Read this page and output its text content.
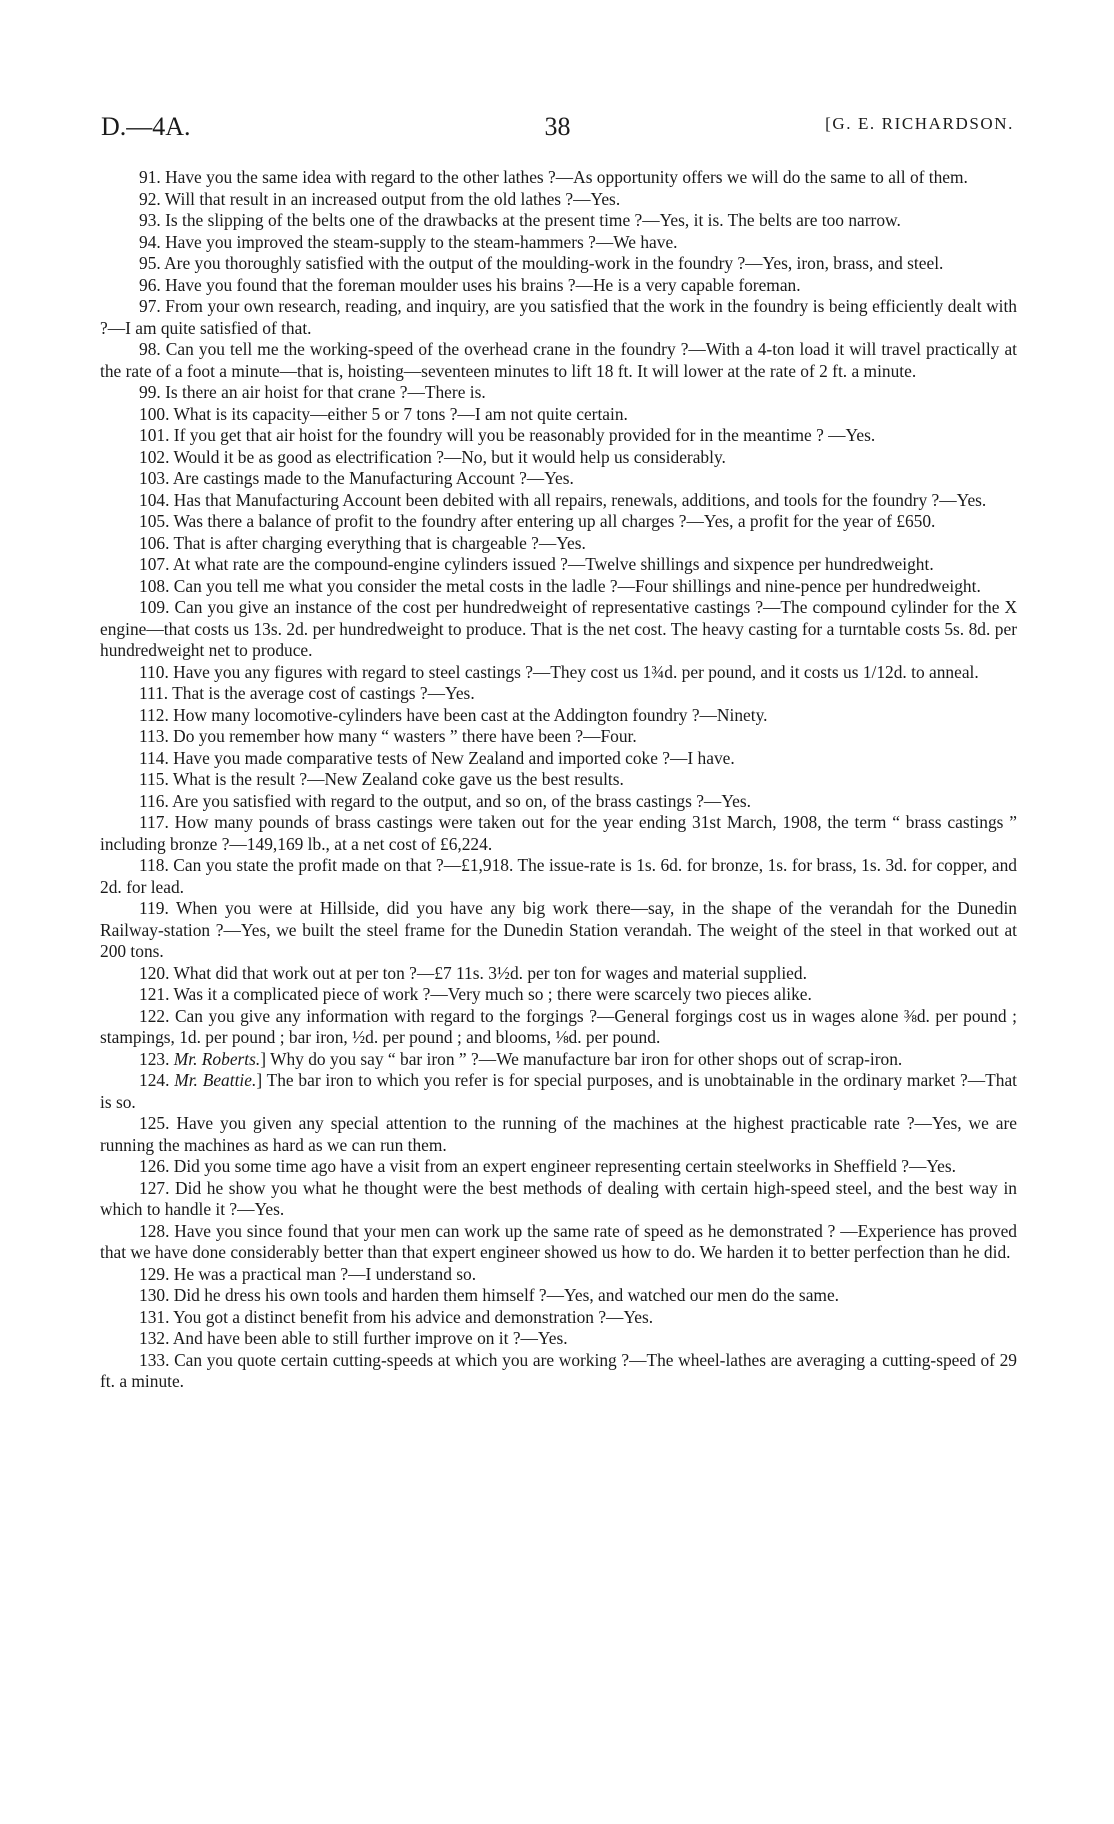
D.—4A.	38	[G. E. RICHARDSON.

91. Have you the same idea with regard to the other lathes ?—As opportunity offers we will do the same to all of them.

92. Will that result in an increased output from the old lathes ?—Yes.

93. Is the slipping of the belts one of the drawbacks at the present time ?—Yes, it is. The belts are too narrow.

94. Have you improved the steam-supply to the steam-hammers ?—We have.

95. Are you thoroughly satisfied with the output of the moulding-work in the foundry ?—Yes, iron, brass, and steel.

96. Have you found that the foreman moulder uses his brains ?—He is a very capable foreman.

97. From your own research, reading, and inquiry, are you satisfied that the work in the foundry is being efficiently dealt with ?—I am quite satisfied of that.

98. Can you tell me the working-speed of the overhead crane in the foundry ?—With a 4-ton load it will travel practically at the rate of a foot a minute—that is, hoisting—seventeen minutes to lift 18 ft. It will lower at the rate of 2 ft. a minute.

99. Is there an air hoist for that crane ?—There is.

100. What is its capacity—either 5 or 7 tons ?—I am not quite certain.

101. If you get that air hoist for the foundry will you be reasonably provided for in the meantime ? —Yes.

102. Would it be as good as electrification ?—No, but it would help us considerably.

103. Are castings made to the Manufacturing Account ?—Yes.

104. Has that Manufacturing Account been debited with all repairs, renewals, additions, and tools for the foundry ?—Yes.

105. Was there a balance of profit to the foundry after entering up all charges ?—Yes, a profit for the year of £650.

106. That is after charging everything that is chargeable ?—Yes.

107. At what rate are the compound-engine cylinders issued ?—Twelve shillings and sixpence per hundredweight.

108. Can you tell me what you consider the metal costs in the ladle ?—Four shillings and nine-pence per hundredweight.

109. Can you give an instance of the cost per hundredweight of representative castings ?—The compound cylinder for the X engine—that costs us 13s. 2d. per hundredweight to produce. That is the net cost. The heavy casting for a turntable costs 5s. 8d. per hundredweight net to produce.

110. Have you any figures with regard to steel castings ?—They cost us 1¾d. per pound, and it costs us 1/12d. to anneal.

111. That is the average cost of castings ?—Yes.

112. How many locomotive-cylinders have been cast at the Addington foundry ?—Ninety.

113. Do you remember how many “ wasters ” there have been ?—Four.

114. Have you made comparative tests of New Zealand and imported coke ?—I have.

115. What is the result ?—New Zealand coke gave us the best results.

116. Are you satisfied with regard to the output, and so on, of the brass castings ?—Yes.

117. How many pounds of brass castings were taken out for the year ending 31st March, 1908, the term “ brass castings ” including bronze ?—149,169 lb., at a net cost of £6,224.

118. Can you state the profit made on that ?—£1,918. The issue-rate is 1s. 6d. for bronze, 1s. for brass, 1s. 3d. for copper, and 2d. for lead.

119. When you were at Hillside, did you have any big work there—say, in the shape of the verandah for the Dunedin Railway-station ?—Yes, we built the steel frame for the Dunedin Station verandah. The weight of the steel in that worked out at 200 tons.

120. What did that work out at per ton ?—£7 11s. 3½d. per ton for wages and material supplied.

121. Was it a complicated piece of work ?—Very much so ; there were scarcely two pieces alike.

122. Can you give any information with regard to the forgings ?—General forgings cost us in wages alone ⅜d. per pound ; stampings, 1d. per pound ; bar iron, ½d. per pound ; and blooms, ⅛d. per pound.

123. Mr. Roberts.] Why do you say “ bar iron ” ?—We manufacture bar iron for other shops out of scrap-iron.

124. Mr. Beattie.] The bar iron to which you refer is for special purposes, and is unobtainable in the ordinary market ?—That is so.

125. Have you given any special attention to the running of the machines at the highest practicable rate ?—Yes, we are running the machines as hard as we can run them.

126. Did you some time ago have a visit from an expert engineer representing certain steelworks in Sheffield ?—Yes.

127. Did he show you what he thought were the best methods of dealing with certain high-speed steel, and the best way in which to handle it ?—Yes.

128. Have you since found that your men can work up the same rate of speed as he demonstrated ? —Experience has proved that we have done considerably better than that expert engineer showed us how to do. We harden it to better perfection than he did.

129. He was a practical man ?—I understand so.

130. Did he dress his own tools and harden them himself ?—Yes, and watched our men do the same.

131. You got a distinct benefit from his advice and demonstration ?—Yes.

132. And have been able to still further improve on it ?—Yes.

133. Can you quote certain cutting-speeds at which you are working ?—The wheel-lathes are averaging a cutting-speed of 29 ft. a minute.
